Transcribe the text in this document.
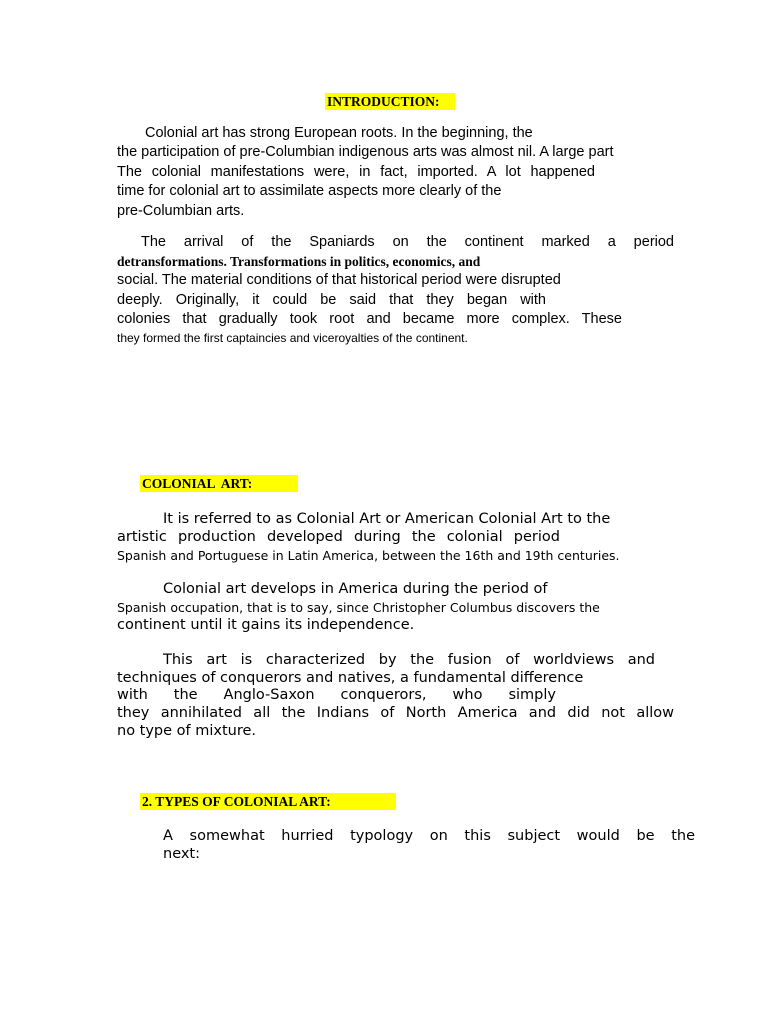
INTRODUCTION:

Colonial art has strong European roots. In the beginning, the

the participation of pre-Columbian indigenous arts was almost nil. A large part

The colonial manifestations were, in fact, imported. A lot happened

time for colonial art to assimilate aspects more clearly of the

pre-Columbian arts.

The arrival of the Spaniards on the continent marked a period

detransformations. Transformations in politics, economics, and

social. The material conditions of that historical period were disrupted

deeply. Originally, it could be said that they began with

colonies that gradually took root and became more complex. These

they formed the first captaincies and viceroyalties of the continent.

COLONIAL  ART:

It is referred to as Colonial Art or American Colonial Art to the

artistic production developed during the colonial period

Spanish and Portuguese in Latin America, between the 16th and 19th centuries.

Colonial art develops in America during the period of

Spanish occupation, that is to say, since Christopher Columbus discovers the

continent until it gains its independence.

This art is characterized by the fusion of worldviews and

techniques of conquerors and natives, a fundamental difference

with the Anglo-Saxon conquerors, who simply

they annihilated all the Indians of North America and did not allow

no type of mixture.

2. TYPES OF COLONIAL ART:

A somewhat hurried typology on this subject would be the

next:
